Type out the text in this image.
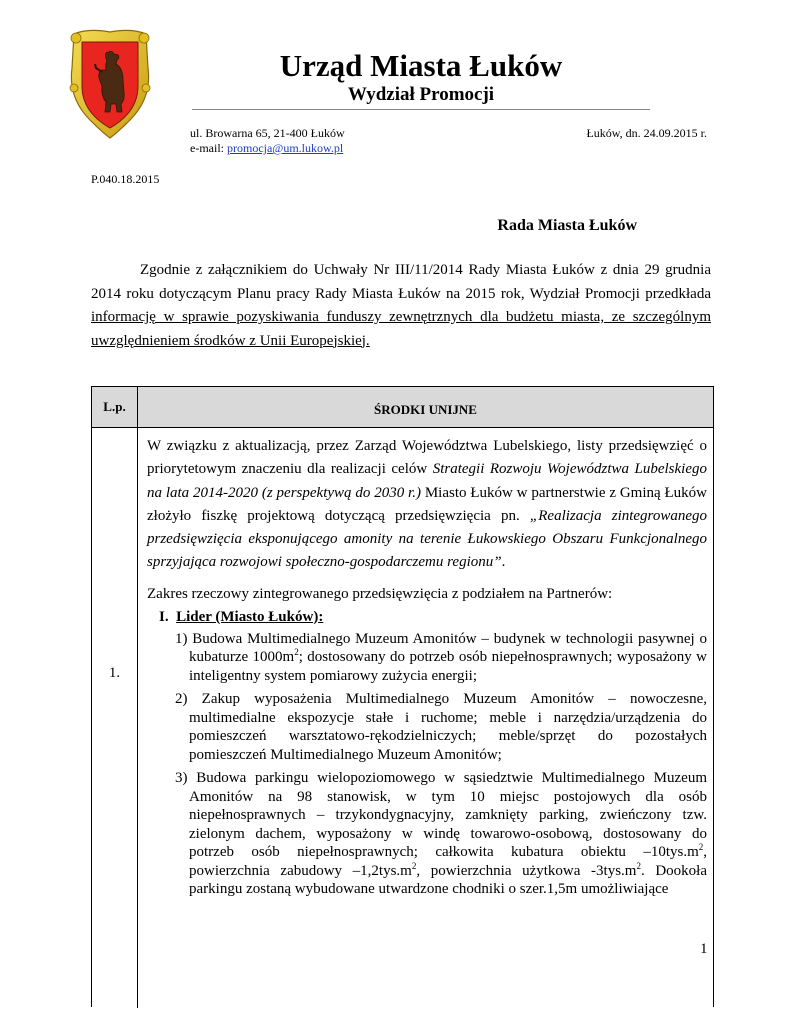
Urząd Miasta Łuków
Wydział Promocji
ul. Browarna 65, 21-400 Łuków
e-mail: promocja@um.lukow.pl
Łuków, dn. 24.09.2015 r.
P.040.18.2015
Rada Miasta Łuków

Zgodnie z załącznikiem do Uchwały Nr III/11/2014 Rady Miasta Łuków z dnia 29 grudnia 2014 roku dotyczącym Planu pracy Rady Miasta Łuków na 2015 rok, Wydział Promocji przedkłada informację w sprawie pozyskiwania funduszy zewnętrznych dla budżetu miasta, ze szczególnym uwzględnieniem środków z Unii Europejskiej.

L.p.	ŚRODKI UNIJNE
1.

W związku z aktualizacją, przez Zarząd Województwa Lubelskiego, listy przedsięwzięć o priorytetowym znaczeniu dla realizacji celów Strategii Rozwoju Województwa Lubelskiego na lata 2014-2020 (z perspektywą do 2030 r.) Miasto Łuków w partnerstwie z Gminą Łuków złożyło fiszkę projektową dotyczącą przedsięwzięcia pn. „Realizacja zintegrowanego przedsięwzięcia eksponującego amonity na terenie Łukowskiego Obszaru Funkcjonalnego sprzyjająca rozwojowi społeczno-gospodarczemu regionu”.

Zakres rzeczowy zintegrowanego przedsięwzięcia z podziałem na Partnerów:

I. Lider (Miasto Łuków):
1) Budowa Multimedialnego Muzeum Amonitów – budynek w technologii pasywnej o kubaturze $1000m^2$; dostosowany do potrzeb osób niepełnosprawnych; wyposażony w inteligentny system pomiarowy zużycia energii;
2) Zakup wyposażenia Multimedialnego Muzeum Amonitów – nowoczesne, multimedialne ekspozycje stałe i ruchome; meble i narzędzia/urządzenia do pomieszczeń warsztatowo-rękodzielniczych; meble/sprzęt do pozostałych pomieszczeń Multimedialnego Muzeum Amonitów;
3) Budowa parkingu wielopoziomowego w sąsiedztwie Multimedialnego Muzeum Amonitów na 98 stanowisk, w tym 10 miejsc postojowych dla osób niepełnosprawnych – trzykondygnacyjny, zamknięty parking, zwieńczony tzw. zielonym dachem, wyposażony w windę towarowo-osobową, dostosowany do potrzeb osób niepełnosprawnych; całkowita kubatura obiektu $-10tys.m^2$, powierzchnia zabudowy $-1,2tys.m^2$, powierzchnia użytkowa $-3tys.m^2$. Dookoła parkingu zostaną wybudowane utwardzone chodniki o szer.1,5m umożliwiające
1
